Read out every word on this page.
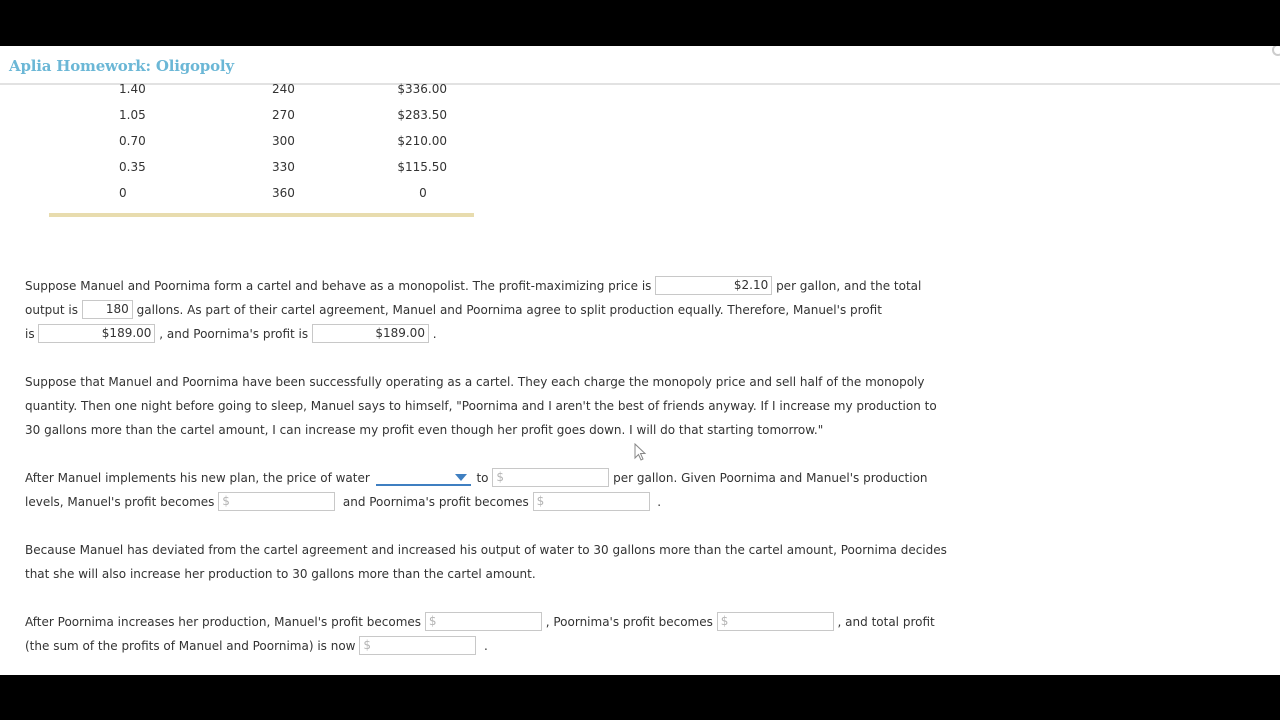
Aplia Homework: Oligopoly
1.40	240	$336.00
1.05	270	$283.50
0.70	300	$210.00
0.35	330	$115.50
0	360	0
Suppose Manuel and Poornima form a cartel and behave as a monopolist. The profit-maximizing price is	$2.10 per gallon, and the total
output is 180 gallons. As part of their cartel agreement, Manuel and Poornima agree to split production equally. Therefore, Manuel's profit
is	$189.00 , and Poornima's profit is	$189.00 .
Suppose that Manuel and Poornima have been successfully operating as a cartel. They each charge the monopoly price and sell half of the monopoly quantity. Then one night before going to sleep, Manuel says to himself, "Poornima and I aren't the best of friends anyway. If I increase my production to 30 gallons more than the cartel amount, I can increase my profit even though her profit goes down. I will do that starting tomorrow."
After Manuel implements his new plan, the price of water	to $	per gallon. Given Poornima and Manuel's production
levels, Manuel's profit becomes $	and Poornima's profit becomes $	.
Because Manuel has deviated from the cartel agreement and increased his output of water to 30 gallons more than the cartel amount, Poornima decides that she will also increase her production to 30 gallons more than the cartel amount.
After Poornima increases her production, Manuel's profit becomes $	, Poornima's profit becomes $	, and total profit
(the sum of the profits of Manuel and Poornima) is now $	.
